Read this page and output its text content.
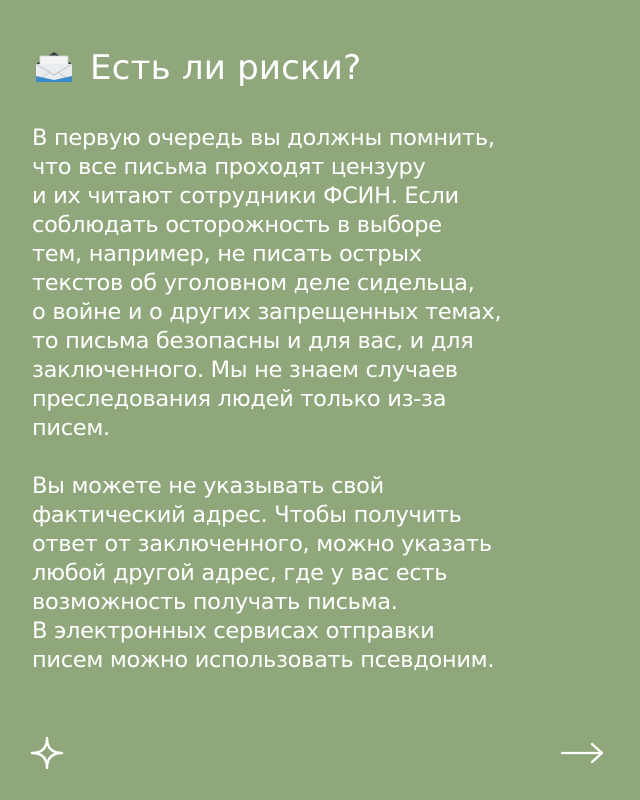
Есть ли риски?

В первую очередь вы должны помнить,
что все письма проходят цензуру
и их читают сотрудники ФСИН. Если
соблюдать осторожность в выборе
тем, например, не писать острых
текстов об уголовном деле сидельца,
о войне и о других запрещенных темах,
то письма безопасны и для вас, и для
заключенного. Мы не знаем случаев
преследования людей только из-за
писем.

Вы можете не указывать свой
фактический адрес. Чтобы получить
ответ от заключенного, можно указать
любой другой адрес, где у вас есть
возможность получать письма.
В электронных сервисах отправки
писем можно использовать псевдоним.
